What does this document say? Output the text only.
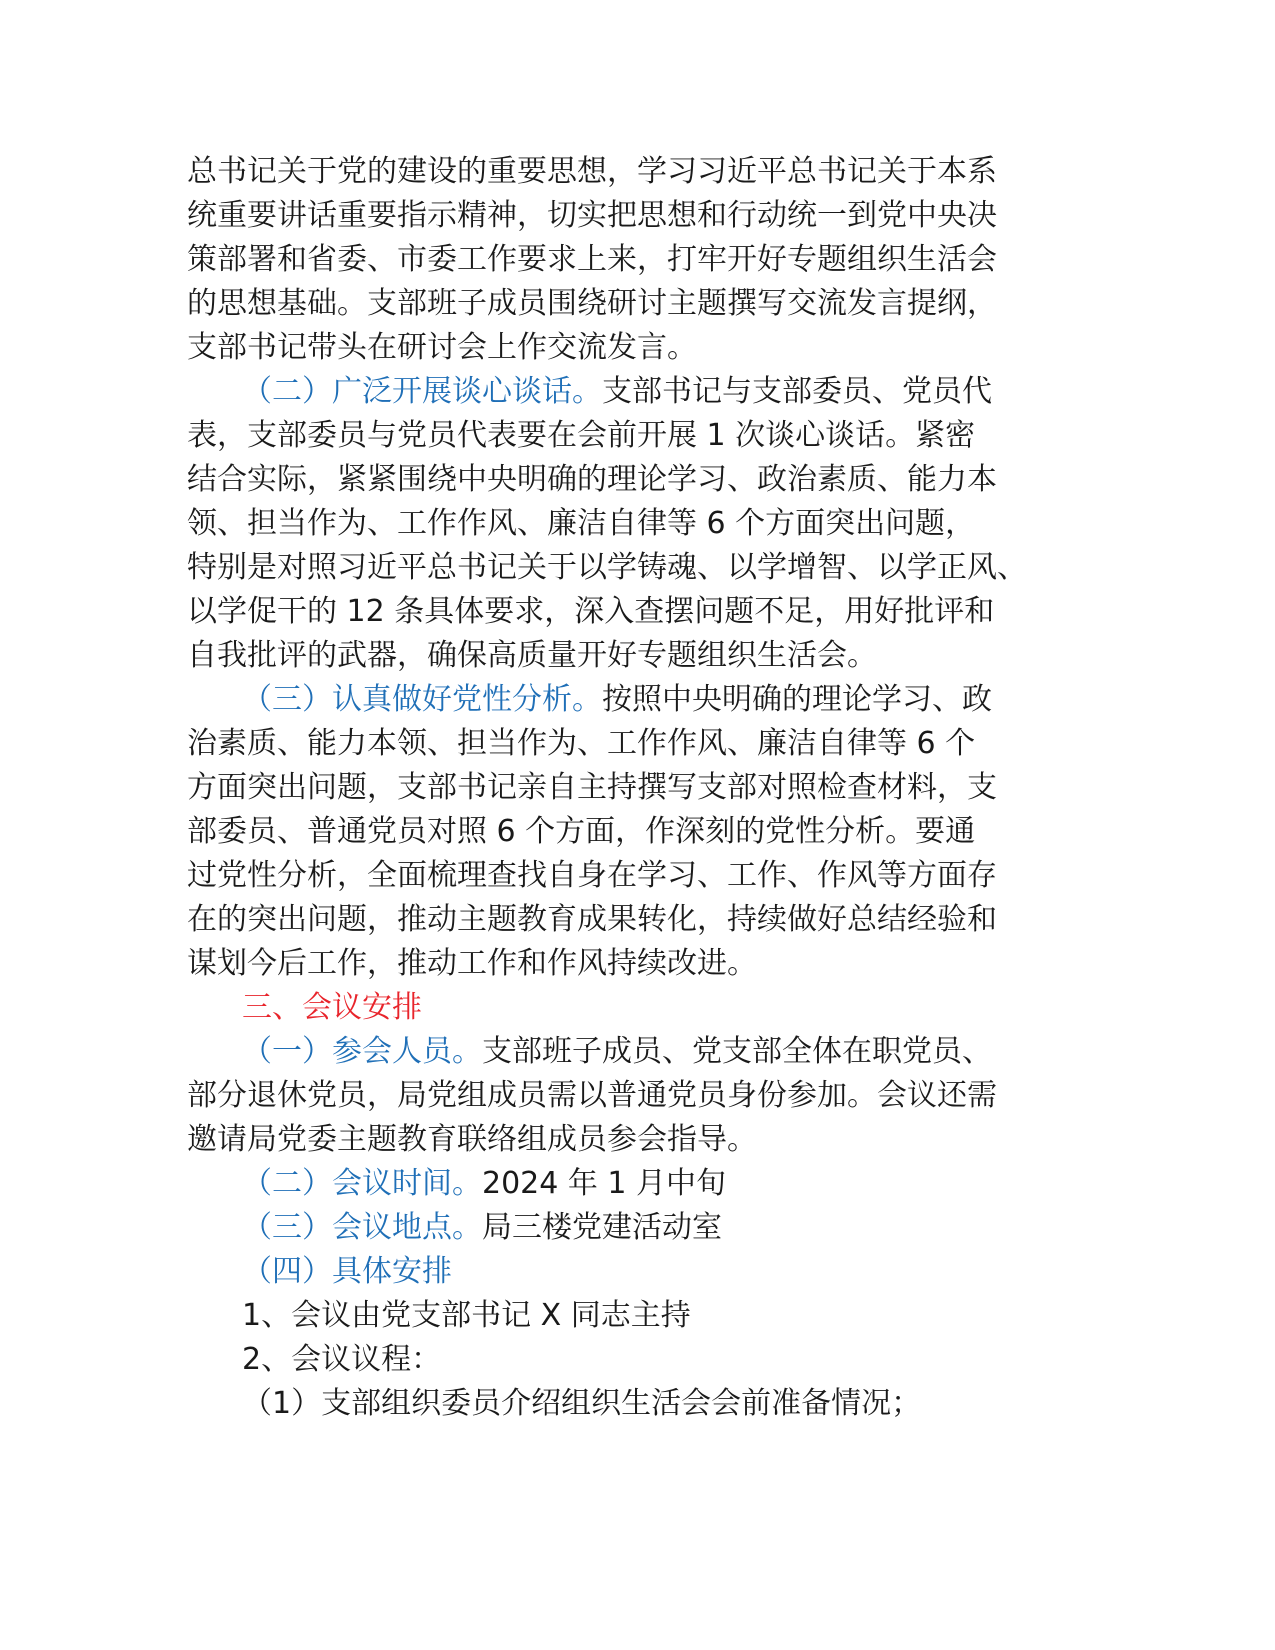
总书记关于党的建设的重要思想，学习习近平总书记关于本系
统重要讲话重要指示精神，切实把思想和行动统一到党中央决
策部署和省委、市委工作要求上来，打牢开好专题组织生活会
的思想基础。支部班子成员围绕研讨主题撰写交流发言提纲，
支部书记带头在研讨会上作交流发言。
（二）广泛开展谈心谈话。支部书记与支部委员、党员代
表，支部委员与党员代表要在会前开展 1 次谈心谈话。紧密
结合实际，紧紧围绕中央明确的理论学习、政治素质、能力本
领、担当作为、工作作风、廉洁自律等 6 个方面突出问题，
特别是对照习近平总书记关于以学铸魂、以学增智、以学正风、
以学促干的 12 条具体要求，深入查摆问题不足，用好批评和
自我批评的武器，确保高质量开好专题组织生活会。
（三）认真做好党性分析。按照中央明确的理论学习、政
治素质、能力本领、担当作为、工作作风、廉洁自律等 6 个
方面突出问题，支部书记亲自主持撰写支部对照检查材料，支
部委员、普通党员对照 6 个方面，作深刻的党性分析。要通
过党性分析，全面梳理查找自身在学习、工作、作风等方面存
在的突出问题，推动主题教育成果转化，持续做好总结经验和
谋划今后工作，推动工作和作风持续改进。
三、会议安排
（一）参会人员。支部班子成员、党支部全体在职党员、
部分退休党员，局党组成员需以普通党员身份参加。会议还需
邀请局党委主题教育联络组成员参会指导。
（二）会议时间。2024 年 1 月中旬
（三）会议地点。局三楼党建活动室
（四）具体安排
1、会议由党支部书记 X 同志主持
2、会议议程：
（1）支部组织委员介绍组织生活会会前准备情况；
